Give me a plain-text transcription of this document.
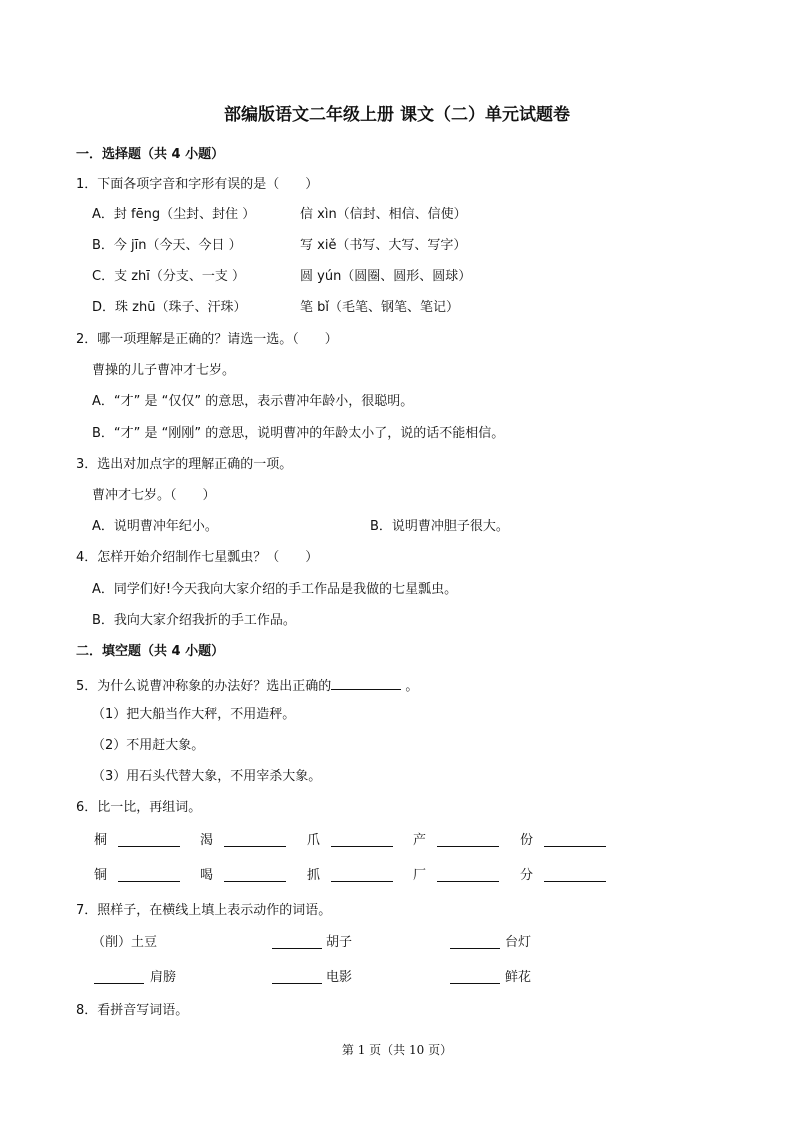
部编版语文二年级上册 课文（二）单元试题卷
一．选择题（共 4 小题）
1．下面各项字音和字形有误的是（　　）
A．封 fēng（尘封、封住 ）	信 xìn（信封、相信、信使）
B．今 jīn（今天、今日 ）	写 xiě（书写、大写、写字）
C．支 zhī（分支、一支 ）	圆 yún（圆圈、圆形、圆球）
D．珠 zhū（珠子、汗珠）	笔 bǐ（毛笔、钢笔、笔记）
2．哪一项理解是正确的？请选一选。（　　）
曹操的儿子曹冲才七岁。
A．“才” 是 “仅仅” 的意思，表示曹冲年龄小，很聪明。
B．“才” 是 “刚刚” 的意思，说明曹冲的年龄太小了，说的话不能相信。
3．选出对加点字的理解正确的一项。
曹冲才七岁。（　　）
A．说明曹冲年纪小。	B．说明曹冲胆子很大。
4．怎样开始介绍制作七星瓢虫？（　　）
A．同学们好!今天我向大家介绍的手工作品是我做的七星瓢虫。
B．我向大家介绍我折的手工作品。
二．填空题（共 4 小题）
5．为什么说曹冲称象的办法好？选出正确的	。
（1）把大船当作大秤，不用造秤。
（2）不用赶大象。
（3）用石头代替大象，不用宰杀大象。
6．比一比，再组词。
桐	渴	爪	产	份
铜	喝	抓	厂	分
7．照样子，在横线上填上表示动作的词语。
（削）土豆	胡子	台灯
肩膀	电影	鲜花
8．看拼音写词语。
第 1 页（共 10 页）
